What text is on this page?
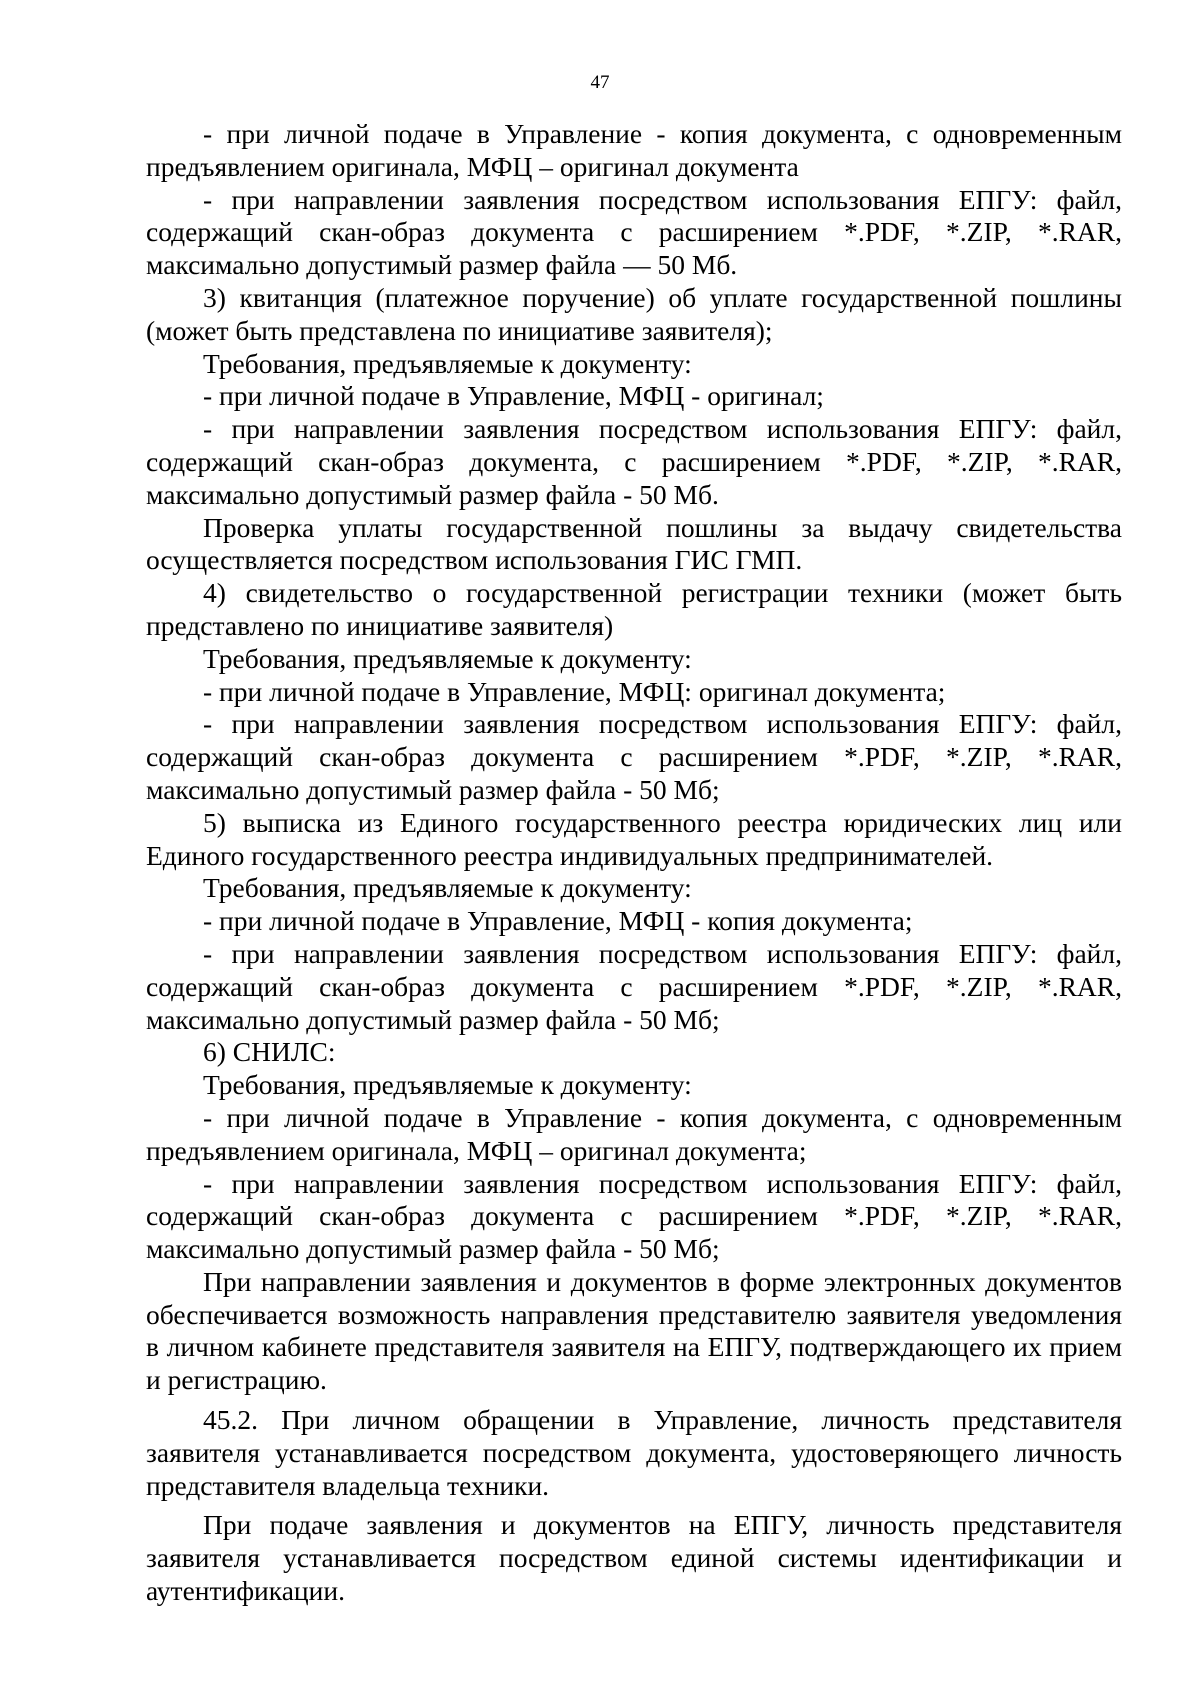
47

- при личной подаче в Управление - копия документа, с одновременным предъявлением оригинала, МФЦ – оригинал документа

- при направлении заявления посредством использования ЕПГУ: файл, содержащий скан-образ документа с расширением *.PDF, *.ZIP, *.RAR, максимально допустимый размер файла — 50 Мб.

3) квитанция (платежное поручение) об уплате государственной пошлины (может быть представлена по инициативе заявителя);

Требования, предъявляемые к документу:

- при личной подаче в Управление, МФЦ - оригинал;

- при направлении заявления посредством использования ЕПГУ: файл, содержащий скан-образ документа, с расширением *.PDF, *.ZIP, *.RAR, максимально допустимый размер файла - 50 Мб.

Проверка уплаты государственной пошлины за выдачу свидетельства осуществляется посредством использования ГИС ГМП.

4) свидетельство о государственной регистрации техники (может быть представлено по инициативе заявителя)

Требования, предъявляемые к документу:

- при личной подаче в Управление, МФЦ: оригинал документа;

- при направлении заявления посредством использования ЕПГУ: файл, содержащий скан-образ документа с расширением *.PDF, *.ZIP, *.RAR, максимально допустимый размер файла - 50 Мб;

5) выписка из Единого государственного реестра юридических лиц или Единого государственного реестра индивидуальных предпринимателей.

Требования, предъявляемые к документу:

- при личной подаче в Управление, МФЦ - копия документа;

- при направлении заявления посредством использования ЕПГУ: файл, содержащий скан-образ документа с расширением *.PDF, *.ZIP, *.RAR, максимально допустимый размер файла - 50 Мб;

6) СНИЛС:

Требования, предъявляемые к документу:

- при личной подаче в Управление - копия документа, с одновременным предъявлением оригинала, МФЦ – оригинал документа;

- при направлении заявления посредством использования ЕПГУ: файл, содержащий скан-образ документа с расширением *.PDF, *.ZIP, *.RAR, максимально допустимый размер файла - 50 Мб;

При направлении заявления и документов в форме электронных документов обеспечивается возможность направления представителю заявителя уведомления в личном кабинете представителя заявителя на ЕПГУ, подтверждающего их прием и регистрацию.

45.2. При личном обращении в Управление, личность представителя заявителя устанавливается посредством документа, удостоверяющего личность представителя владельца техники.

При подаче заявления и документов на ЕПГУ, личность представителя заявителя устанавливается посредством единой системы идентификации и аутентификации.
